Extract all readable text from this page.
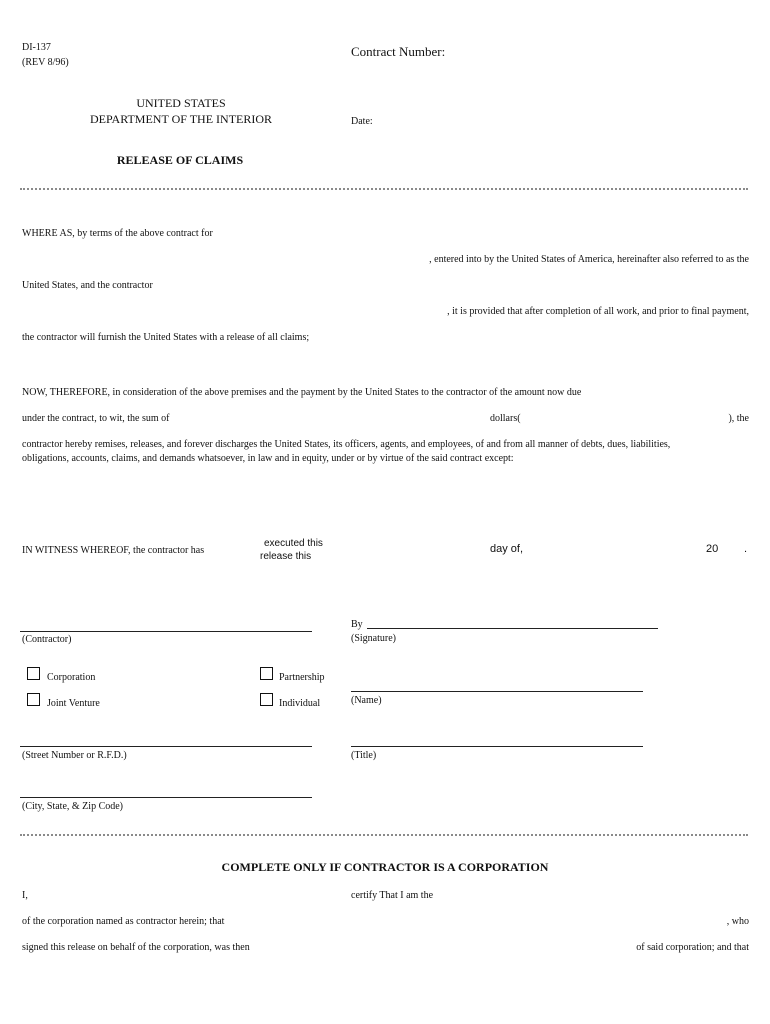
DI-137
(REV 8/96)
Contract Number:
UNITED STATES
DEPARTMENT OF THE INTERIOR	Date:
RELEASE OF CLAIMS
WHERE AS, by terms of the above contract for
, entered into by the United States of America, hereinafter also referred to as the
United States, and the contractor
, it is provided that after completion of all work, and prior to final payment,
the contractor will furnish the United States with a release of all claims;
NOW, THEREFORE, in consideration of the above premises and the payment by the United States to the contractor of the amount now due
under the contract, to wit, the sum of	dollars(	), the
contractor hereby remises, releases, and forever discharges the United States, its officers, agents, and employees, of and from all manner of debts, dues, liabilities,
obligations, accounts, claims, and demands whatsoever, in law and in equity, under or by virtue of the said contract except:
IN WITNESS WHEREOF, the contractor has
executed this
release this
day of,	20 .
By
(Contractor)	(Signature)
Corporation	Partnership
Joint Venture	Individual	(Name)
(Street Number or R.F.D.)	(Title)
(City, State, & Zip Code)
COMPLETE ONLY IF CONTRACTOR IS A CORPORATION
I,	certify That I am the
of the corporation named as contractor herein; that	, who
signed this release on behalf of the corporation, was then	of said corporation; and that
